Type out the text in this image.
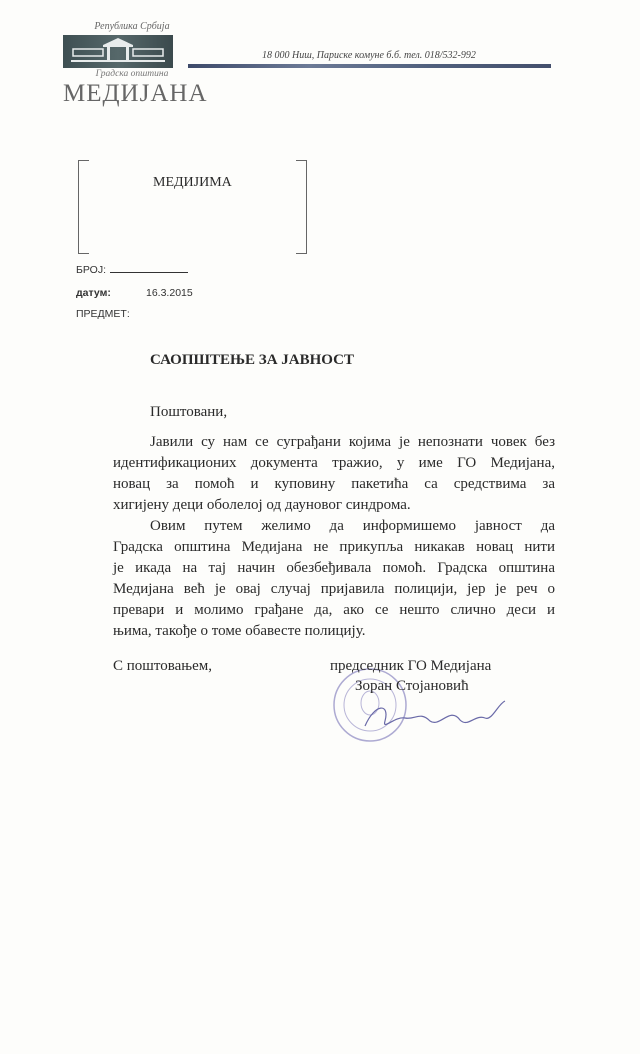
Република Србија
Градска општина
МЕДИЈАНА
18 000 Ниш, Париске комуне б.б. тел. 018/532-992
МЕДИЈИМА
БРОЈ:
датум:	16.3.2015
ПРЕДМЕТ:
САОПШТЕЊЕ ЗА ЈАВНОСТ
Поштовани,
Јавили су нам се суграђани којима је непознати човек без
идентификационих документа тражио, у име ГО Медијана,
новац за помоћ и куповину пакетића са средствима за
хигијену деци оболелој од дауновог синдрома.
Овим путем желимо да информишемо јавност да
Градска општина Медијана не прикупља никакав новац нити
је икада на тај начин обезбеђивала помоћ. Градска општина
Медијана већ је овај случај пријавила полицији, јер је реч о
превари и молимо грађане да, ако се нешто слично деси и
њима, такође о томе обавесте полицију.
С поштовањем,	председник ГО Медијана
Зоран Стојановић
